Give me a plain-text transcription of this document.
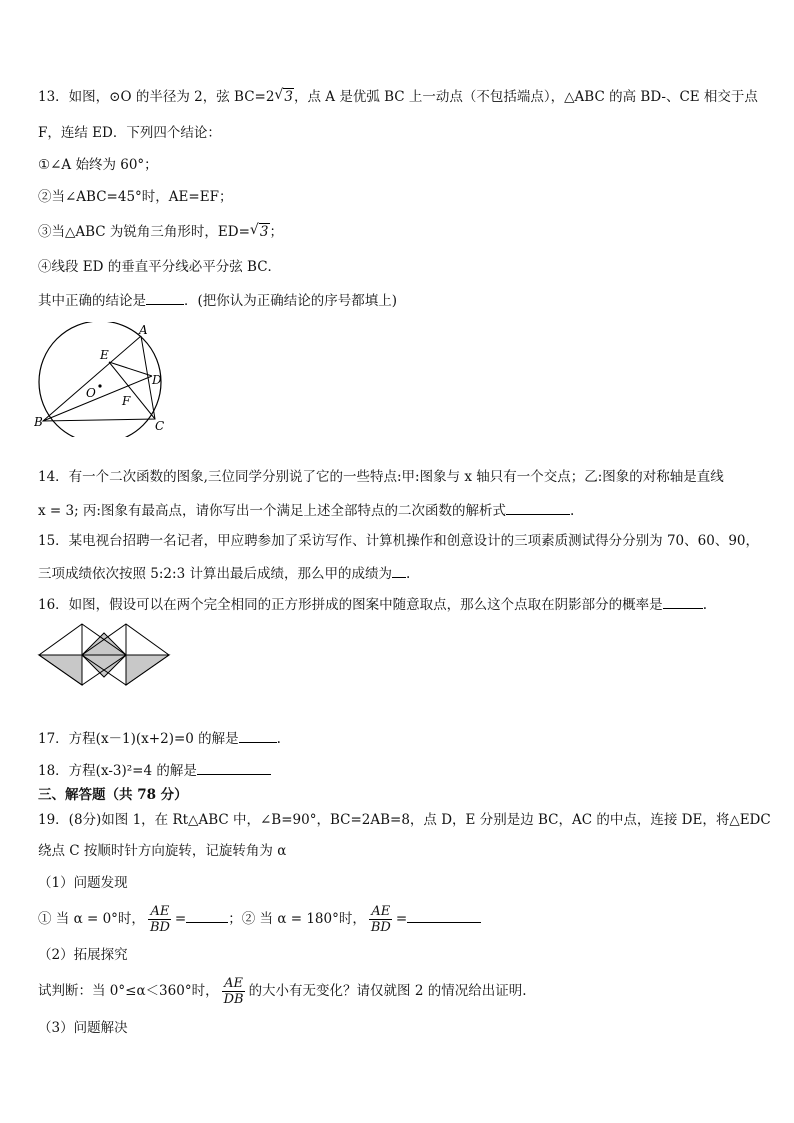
13．如图，⊙O 的半径为 2，弦 BC=2 √ 3，点 A 是优弧 BC 上一动点（不包括端点），△ABC 的高 BD-、CE 相交于点
F，连结 ED．下列四个结论：
①∠A 始终为 60°；
②当∠ABC=45°时，AE=EF；
③当△ABC 为锐角三角形时，ED= √ 3；
④线段 ED 的垂直平分线必平分弦 BC．
其中正确的结论是	．(把你认为正确结论的序号都填上)
A
B	C
D
E
F
O
14．有一个二次函数的图象,三位同学分别说了它的一些特点:甲:图象与 x 轴只有一个交点；乙:图象的对称轴是直线
x = 3; 丙:图象有最高点，请你写出一个满足上述全部特点的二次函数的解析式	.
15．某电视台招聘一名记者，甲应聘参加了采访写作、计算机操作和创意设计的三项素质测试得分分别为 70、60、90，
三项成绩依次按照 5:2:3 计算出最后成绩，那么甲的成绩为 .
16．如图，假设可以在两个完全相同的正方形拼成的图案中随意取点，那么这个点取在阴影部分的概率是	.
17．方程(x－1)(x+2)=0 的解是	.
18．方程(x-3)²=4 的解是
三、解答题（共 78 分）
19．(8分)如图 1，在 Rt△ABC 中，∠B=90°，BC=2AB=8，点 D，E 分别是边 BC，AC 的中点，连接 DE，将△EDC
绕点 C 按顺时针方向旋转，记旋转角为 α
（1）问题发现
① 当 α = 0°时， $\frac{AE}{BD}$ =	；② 当 α = 180°时， $\frac{AE}{BD}$ =
（2）拓展探究
试判断：当 0°≤α＜360°时， $\frac{AE}{DB}$ 的大小有无变化？请仅就图 2 的情况给出证明.
（3）问题解决
